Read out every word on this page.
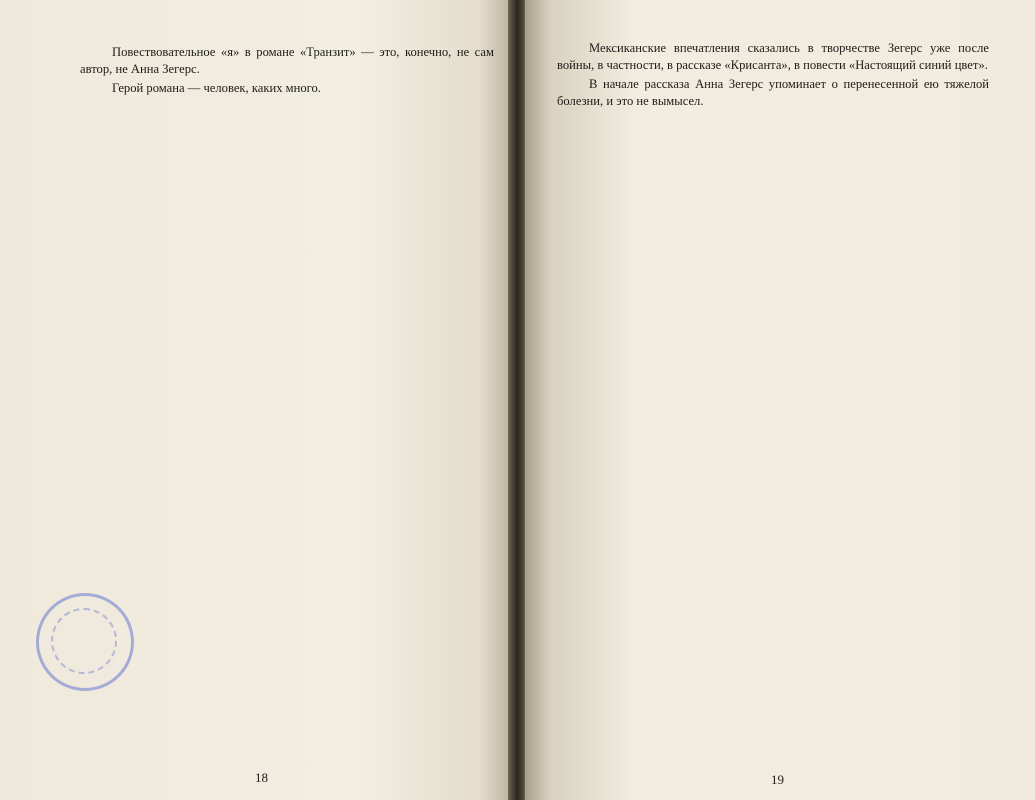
Повествовательное «я» в романе «Транзит» — это, конечно, не сам автор, не Анна Зегерс.

Герой романа — человек, каких много.

18

Мексиканские впечатления сказались в творчестве Зегерс уже после войны, в частности, в рассказе «Крисанта», в повести «Настоящий синий цвет».

В начале рассказа Анна Зегерс упоминает о перенесенной ею тяжелой болезни, и это не вымысел.

19
